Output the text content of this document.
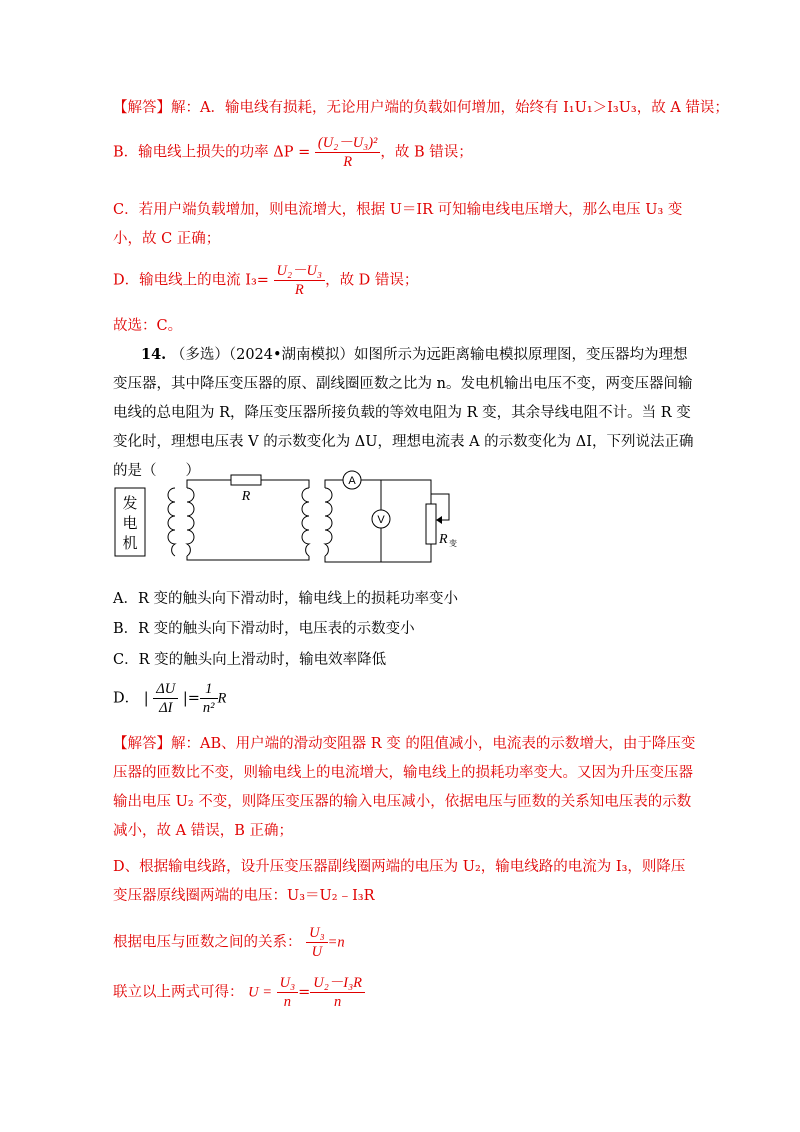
【解答】解：A．输电线有损耗，无论用户端的负载如何增加，始终有 I₁U₁＞I₃U₃，故 A 错误；
B．输电线上损失的功率 $\Delta P = \frac{\text{(U₂－U₃)²}}{R}$ ，故 B 错误；
C．若用户端负载增加，则电流增大，根据 U＝IR 可知输电线电压增大，那么电压 U₃ 变小，故 C 正确；
D．输电线上的电流 $I_3= \frac{\text{U₂－U₃}}{R}$ ，故 D 错误；
故选：C。
14. （多选）（2024•湖南模拟）如图所示为远距离输电模拟原理图，变压器均为理想变压器，其中降压变压器的原、副线圈匝数之比为 n。发电机输出电压不变，两变压器间输电线的总电阻为 R，降压变压器所接负载的等效电阻为 R 变，其余导线电阻不计。当 R 变变化时，理想电压表 V 的示数变化为 ΔU，理想电流表 A 的示数变化为 ΔI，下列说法正确的是（　　）
发
电
机
R
A
V
R 变
A．R 变的触头向下滑动时，输电线上的损耗功率变小
B．R 变的触头向下滑动时，电压表的示数变小
C．R 变的触头向上滑动时，输电效率降低
D． | $\frac{\Delta U}{\Delta I}$ |= $\frac{1}{\text{n²}}$ R
【解答】解：AB、用户端的滑动变阻器 R 变 的阻值减小，电流表的示数增大，由于降压变压器的匝数比不变，则输电线上的电流增大，输电线上的损耗功率变大。又因为升压变压器输出电压 U₂ 不变，则降压变压器的输入电压减小，依据电压与匝数的关系知电压表的示数减小，故 A 错误，B 正确；
D、根据输电线路，设升压变压器副线圈两端的电压为 U₂，输电线路的电流为 I₃，则降压变压器原线圈两端的电压：U₃＝U₂﹣I₃R
根据电压与匝数之间的关系： $\frac{\text{U₃}}{U} =n$
联立以上两式可得： $U = \frac{\text{U₃}}{n} = \frac{\text{U₂－I₃R}}{n}$
